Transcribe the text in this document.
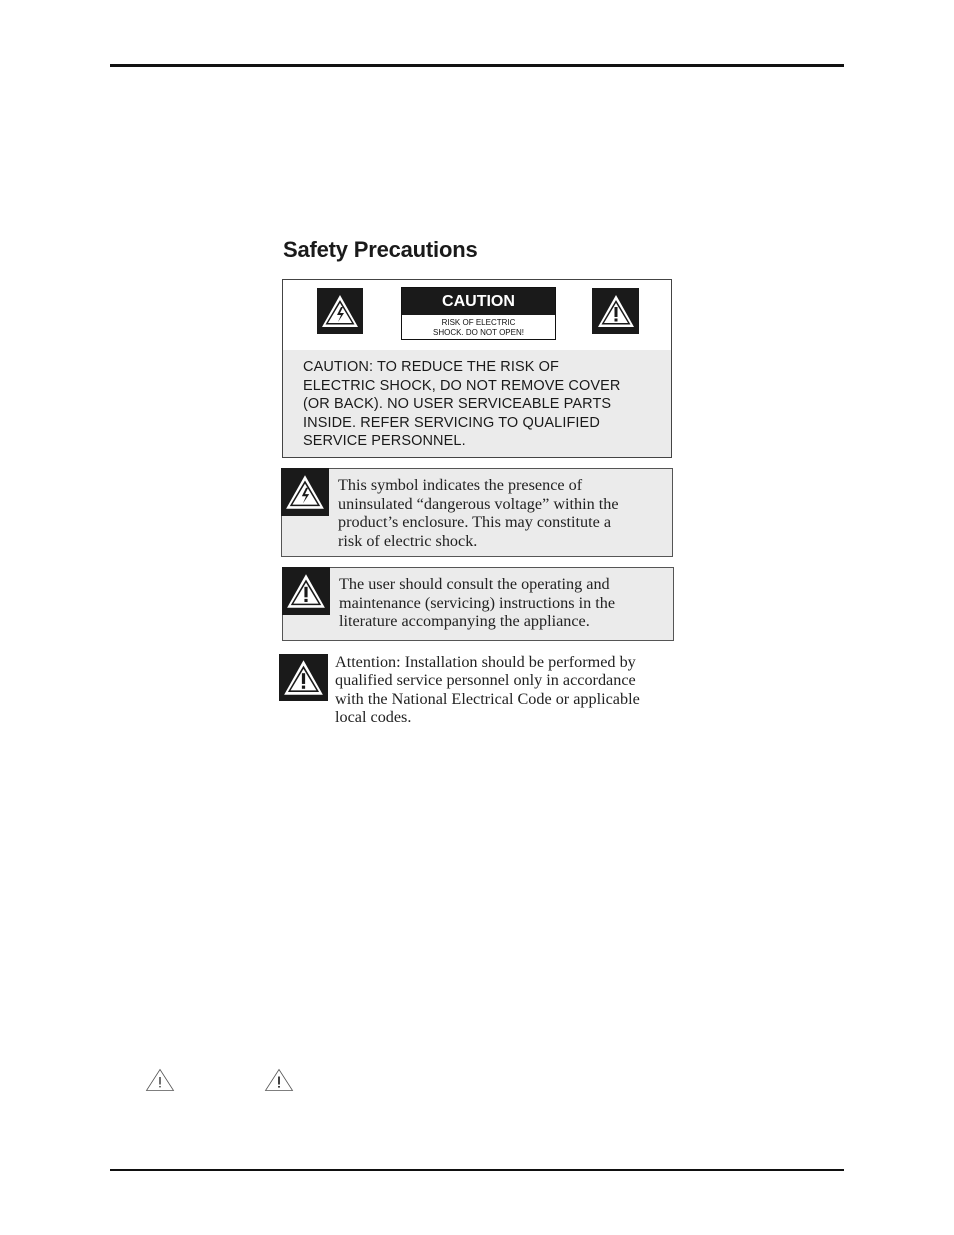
Safety Precautions
CAUTION
RISK OF ELECTRIC
SHOCK. DO NOT OPEN!
CAUTION: TO REDUCE THE RISK OF
ELECTRIC SHOCK, DO NOT REMOVE COVER
(OR BACK). NO USER SERVICEABLE PARTS
INSIDE. REFER SERVICING TO QUALIFIED
SERVICE PERSONNEL.
This symbol indicates the presence of
uninsulated “dangerous voltage” within the
product’s enclosure. This may constitute a
risk of electric shock.
The user should consult the operating and
maintenance (servicing) instructions in the
literature accompanying the appliance.
Attention: Installation should be performed by
qualified service personnel only in accordance
with the National Electrical Code or applicable
local codes.
